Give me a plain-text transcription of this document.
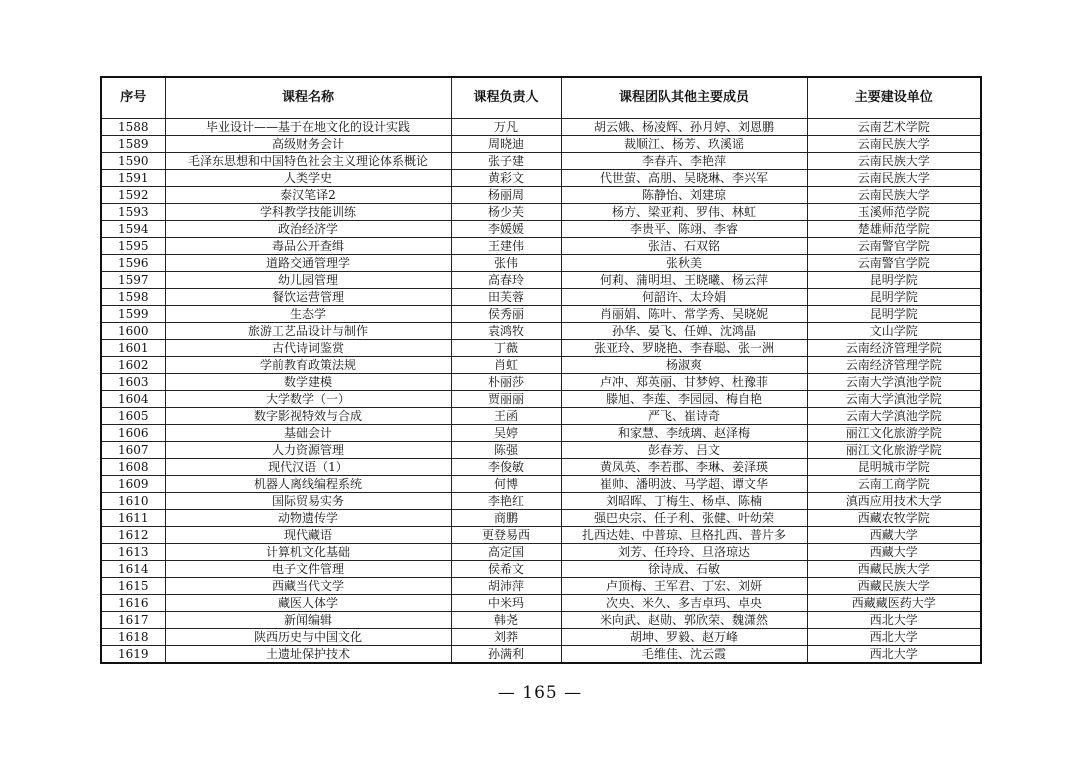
序号	课程名称	课程负责人	课程团队其他主要成员	主要建设单位
1588	毕业设计——基于在地文化的设计实践	万凡	胡云娥、杨凌辉、孙月婷、刘恩鹏	云南艺术学院
1589	高级财务会计	周晓迪	裁顺江、杨芳、玖溪谣	云南民族大学
1590	毛泽东思想和中国特色社会主义理论体系概论	张子建	李春卉、李艳萍	云南民族大学
1591	人类学史	黄彩文	代世萤、高朋、吴晓琳、李兴军	云南民族大学
1592	泰汉笔译2	杨丽周	陈静怡、刘建琼	云南民族大学
1593	学科教学技能训练	杨少芙	杨方、梁亚莉、罗伟、林虹	玉溪师范学院
1594	政治经济学	李媛媛	李贵平、陈翊、李睿	楚雄师范学院
1595	毒品公开查缉	王建伟	张洁、石双铭	云南警官学院
1596	道路交通管理学	张伟	张秋美	云南警官学院
1597	幼儿园管理	高春玲	何莉、蒲明坦、王晓曦、杨云萍	昆明学院
1598	餐饮运营管理	田芙蓉	何韶许、太玲娟	昆明学院
1599	生态学	侯秀丽	肖丽娟、陈叶、常学秀、吴晓妮	昆明学院
1600	旅游工艺品设计与制作	袁鸿牧	孙华、晏飞、任婵、沈鸿晶	文山学院
1601	古代诗词鉴赏	丁薇	张亚玲、罗晓艳、李春聪、张一洲	云南经济管理学院
1602	学前教育政策法规	肖虹	杨淑爽	云南经济管理学院
1603	数学建模	朴丽莎	卢冲、郑英丽、甘梦婷、杜豫菲	云南大学滇池学院
1604	大学数学（一）	贾丽丽	滕旭、李莲、李园园、梅自艳	云南大学滇池学院
1605	数字影视特效与合成	王函	严飞、崔诗奇	云南大学滇池学院
1606	基础会计	吴婷	和家慧、李绒璃、赵泽梅	丽江文化旅游学院
1607	人力资源管理	陈强	彭春芳、吕文	丽江文化旅游学院
1608	现代汉语（1）	李俊敏	黄凤英、李若郡、李琳、姜泽瑛	昆明城市学院
1609	机器人离线编程系统	何博	崔帅、潘明波、马学超、谭文华	云南工商学院
1610	国际贸易实务	李艳红	刘昭晖、丁梅生、杨卓、陈楠	滇西应用技术大学
1611	动物遗传学	商鹏	强巴央宗、任子利、张健、叶幼荣	西藏农牧学院
1612	现代藏语	更登易西	扎西达娃、中普琼、旦格扎西、普片多	西藏大学
1613	计算机文化基础	高定国	刘芳、任玲玲、旦洛琼达	西藏大学
1614	电子文件管理	侯希文	徐诗成、石敏	西藏民族大学
1615	西藏当代文学	胡沛萍	卢顶梅、王军君、丁宏、刘妍	西藏民族大学
1616	藏医人体学	中米玛	次央、米久、多吉卓玛、卓央	西藏藏医药大学
1617	新闻编辑	韩尧	米向武、赵勋、郭欣荣、魏潇然	西北大学
1618	陕西历史与中国文化	刘莽	胡坤、罗毅、赵万峰	西北大学
1619	土遗址保护技术	孙满利	毛维佳、沈云霞	西北大学
— 165 —
